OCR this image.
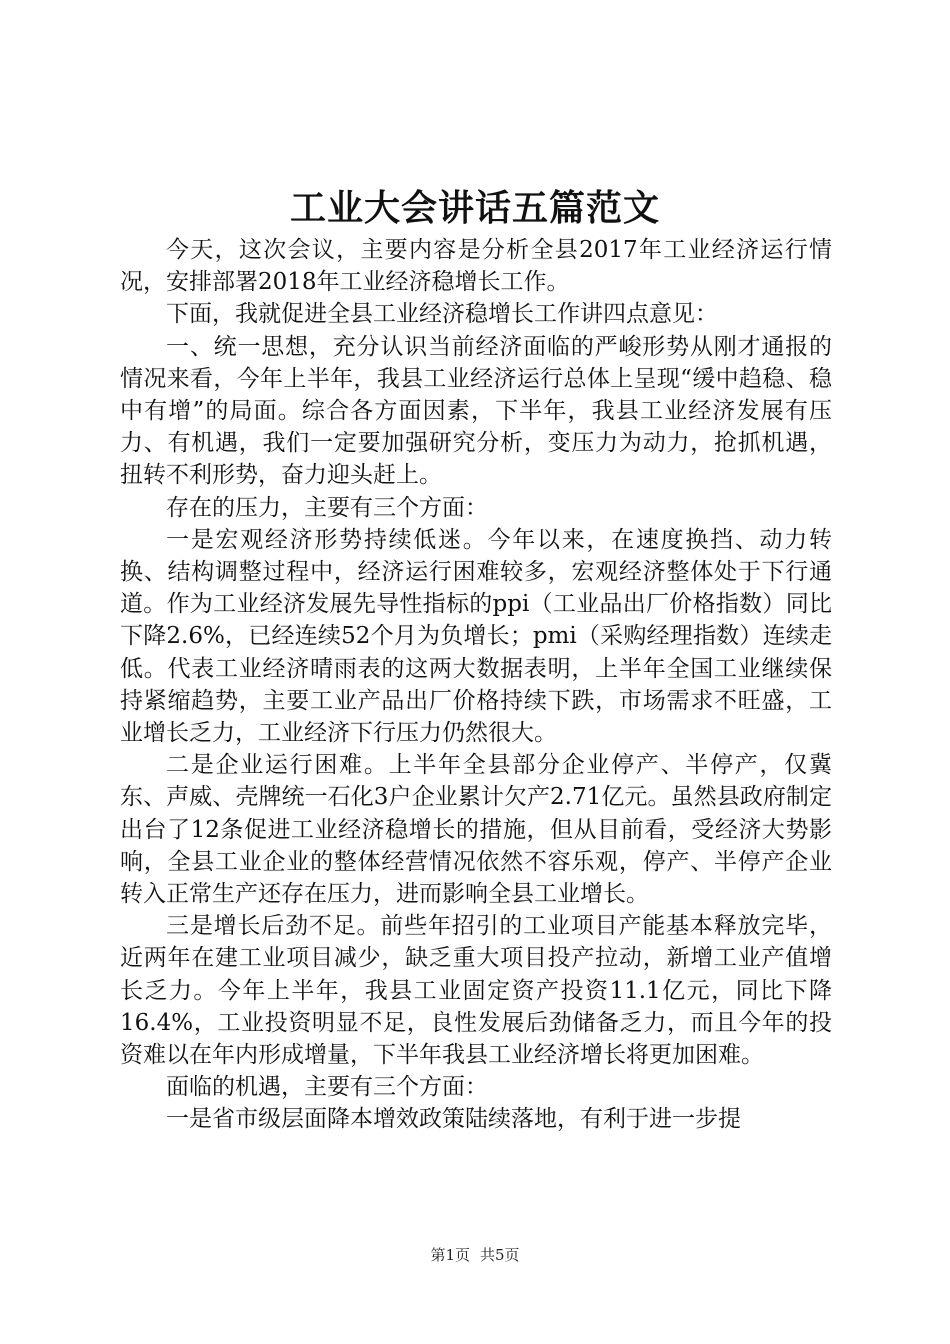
工业大会讲话五篇范文

今天，这次会议，主要内容是分析全县2017年工业经济运行情况，安排部署2018年工业经济稳增长工作。

下面，我就促进全县工业经济稳增长工作讲四点意见：

一、统一思想，充分认识当前经济面临的严峻形势从刚才通报的情况来看，今年上半年，我县工业经济运行总体上呈现“缓中趋稳、稳中有增”的局面。综合各方面因素，下半年，我县工业经济发展有压力、有机遇，我们一定要加强研究分析，变压力为动力，抢抓机遇，扭转不利形势，奋力迎头赶上。

存在的压力，主要有三个方面：

一是宏观经济形势持续低迷。今年以来，在速度换挡、动力转换、结构调整过程中，经济运行困难较多，宏观经济整体处于下行通道。作为工业经济发展先导性指标的ppi（工业品出厂价格指数）同比下降2.6%，已经连续52个月为负增长；pmi（采购经理指数）连续走低。代表工业经济晴雨表的这两大数据表明，上半年全国工业继续保持紧缩趋势，主要工业产品出厂价格持续下跌，市场需求不旺盛，工业增长乏力，工业经济下行压力仍然很大。

二是企业运行困难。上半年全县部分企业停产、半停产，仅冀东、声威、壳牌统一石化3户企业累计欠产2.71亿元。虽然县政府制定出台了12条促进工业经济稳增长的措施，但从目前看，受经济大势影响，全县工业企业的整体经营情况依然不容乐观，停产、半停产企业转入正常生产还存在压力，进而影响全县工业增长。

三是增长后劲不足。前些年招引的工业项目产能基本释放完毕，近两年在建工业项目减少，缺乏重大项目投产拉动，新增工业产值增长乏力。今年上半年，我县工业固定资产投资11.1亿元，同比下降16.4%，工业投资明显不足，良性发展后劲储备乏力，而且今年的投资难以在年内形成增量，下半年我县工业经济增长将更加困难。

面临的机遇，主要有三个方面：

一是省市级层面降本增效政策陆续落地，有利于进一步提

第1页 共5页
